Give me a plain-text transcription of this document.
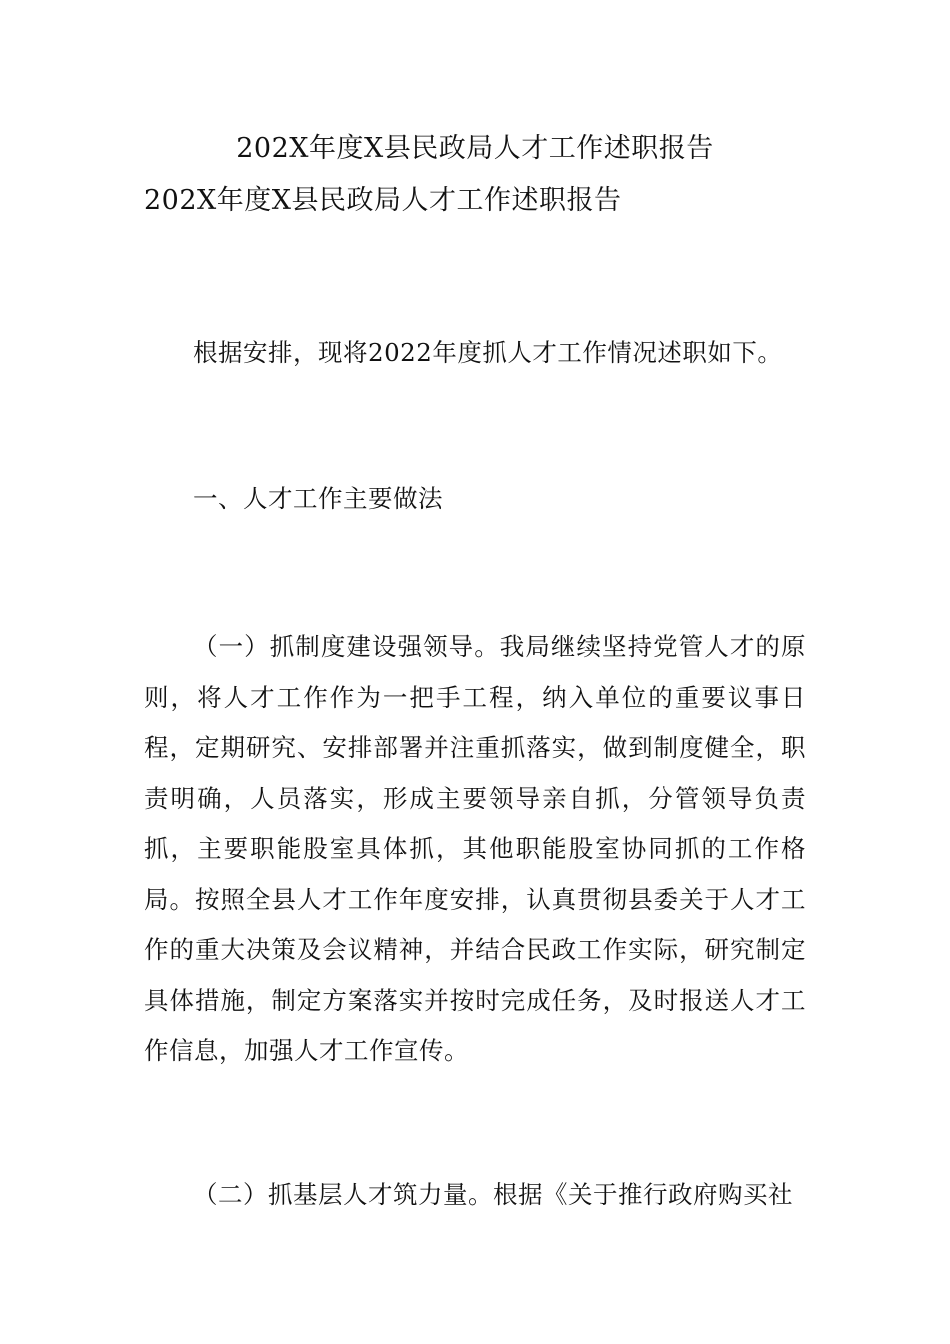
202X年度X县民政局人才工作述职报告
202X年度X县民政局人才工作述职报告

根据安排，现将2022年度抓人才工作情况述职如下。

一、人才工作主要做法

（一）抓制度建设强领导。我局继续坚持党管人才的原则，将人才工作作为一把手工程，纳入单位的重要议事日程，定期研究、安排部署并注重抓落实，做到制度健全，职责明确，人员落实，形成主要领导亲自抓，分管领导负责抓，主要职能股室具体抓，其他职能股室协同抓的工作格局。按照全县人才工作年度安排，认真贯彻县委关于人才工作的重大决策及会议精神，并结合民政工作实际，研究制定具体措施，制定方案落实并按时完成任务，及时报送人才工作信息，加强人才工作宣传。

（二）抓基层人才筑力量。根据《关于推行政府购买社
